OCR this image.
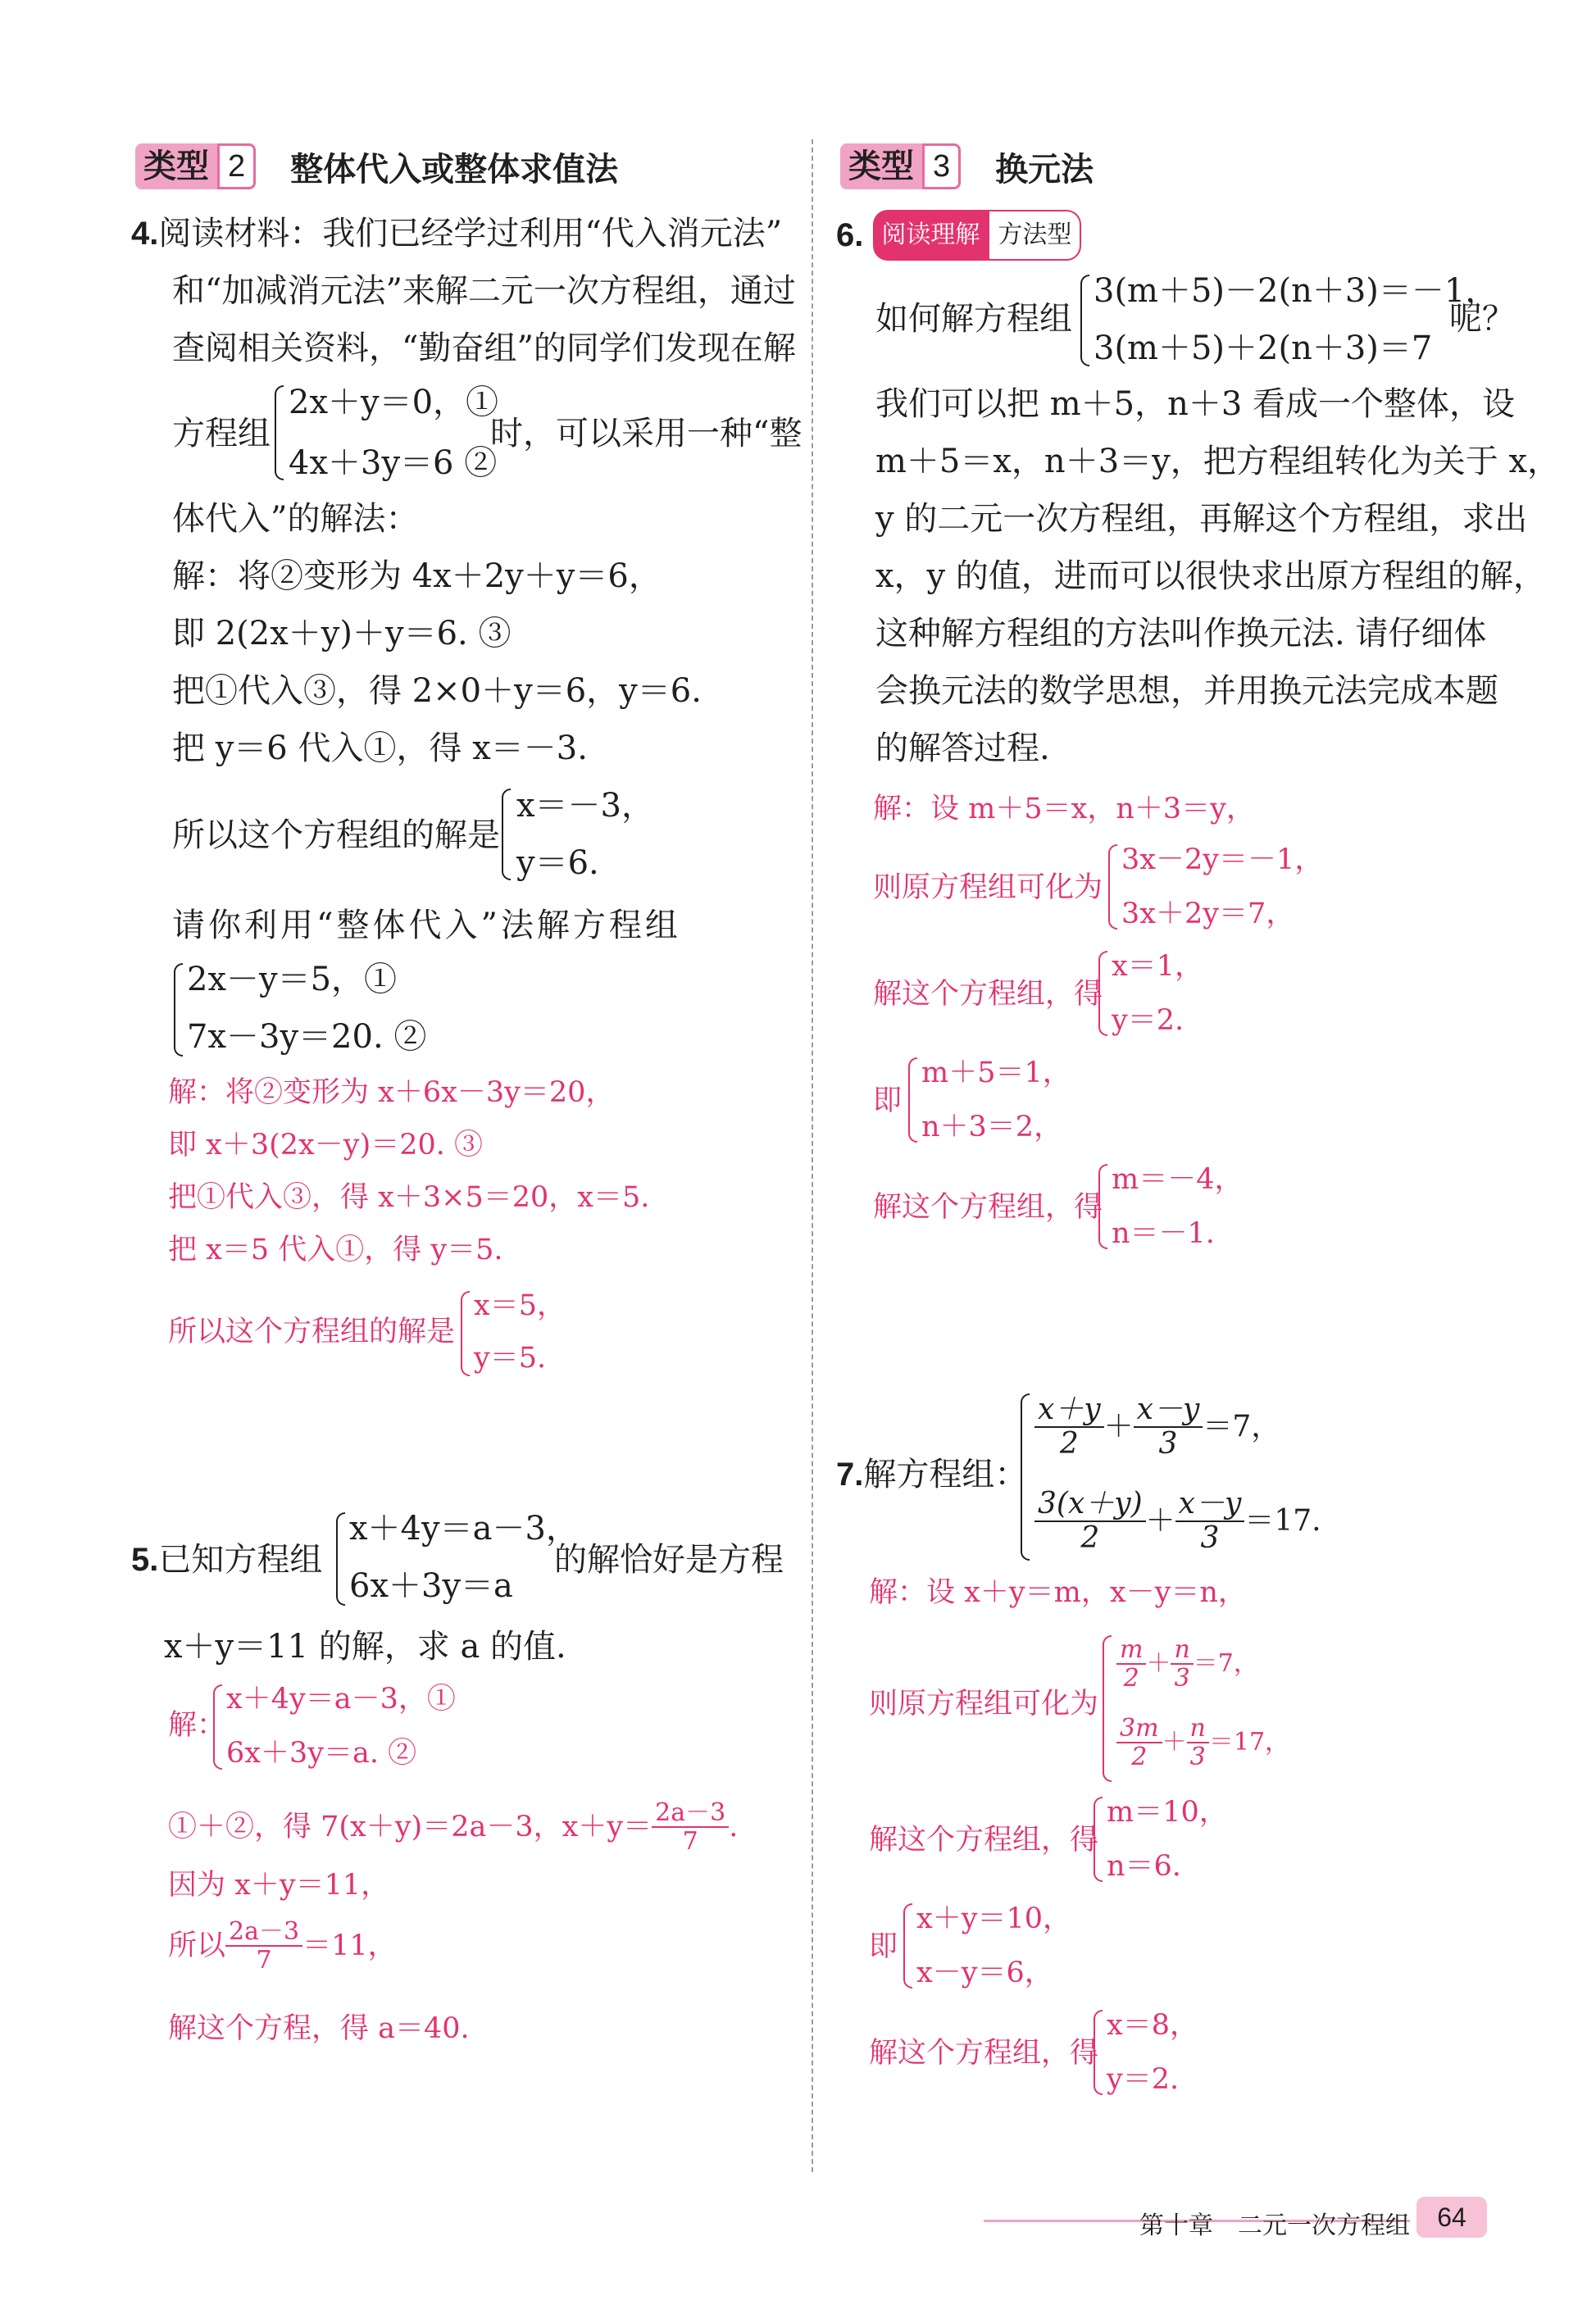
类型 2	整体代入或整体求值法
4.阅读材料：我们已经学过利用“代入消元法”
和“加减消元法”来解二元一次方程组，通过
查阅相关资料，“勤奋组”的同学们发现在解
方程组
2x＋y＝0，①
4x＋3y＝6 ②
时，可以采用一种“整
体代入”的解法：
解：将②变形为 4x＋2y＋y＝6，
即 2(2x＋y)＋y＝6. ③
把①代入③，得 2×0＋y＝6，y＝6.
把 y＝6 代入①，得 x＝－3.
所以这个方程组的解是
x＝－3，
y＝6.
请你利用“整体代入”法解方程组
2x－y＝5，①
7x－3y＝20. ②
解：将②变形为 x＋6x－3y＝20，
即 x＋3(2x－y)＝20. ③
把①代入③，得 x＋3×5＝20，x＝5.
把 x＝5 代入①，得 y＝5.
所以这个方程组的解是
x＝5，
y＝5.
5.已知方程组
x＋4y＝a－3，
6x＋3y＝a
的解恰好是方程
x＋y＝11 的解，求 a 的值.
解：
x＋4y＝a－3，①
6x＋3y＝a. ②
①＋②，得 7(x＋y)＝2a－3，$x+y= \frac{2a-3}{7}$ .
因为 x＋y＝11，
所以 $\frac{2a-3}{7} =11$，
解这个方程，得 a＝40.
类型 3	换元法
6. 阅读理解 方法型
如何解方程组
3(m＋5)－2(n＋3)＝－1，
3(m＋5)＋2(n＋3)＝7
呢？
我们可以把 m＋5，n＋3 看成一个整体，设
m＋5＝x，n＋3＝y，把方程组转化为关于 x，
y 的二元一次方程组，再解这个方程组，求出
x，y 的值，进而可以很快求出原方程组的解，
这种解方程组的方法叫作换元法. 请仔细体
会换元法的数学思想，并用换元法完成本题
的解答过程.
解：设 m＋5＝x，n＋3＝y，
则原方程组可化为
3x－2y＝－1，
3x＋2y＝7，
解这个方程组，得
x＝1，
y＝2.
即
m＋5＝1，
n＋3＝2，
解这个方程组，得
m＝－4，
n＝－1.
7.解方程组：
$\frac{x+y}{2} + \frac{x-y}{3} =7$，
$\frac{3(x+y)}{2} + \frac{x-y}{3} =17$.
解：设 x＋y＝m，x－y＝n，
则原方程组可化为
$\frac{m}{2} + \frac{n}{3} =7$，
$\frac{3m}{2} + \frac{n}{3} =17$，
解这个方程组，得
m＝10，
n＝6.
即
x＋y＝10，
x－y＝6，
解这个方程组，得
x＝8，
y＝2.
第十章　二元一次方程组	64
